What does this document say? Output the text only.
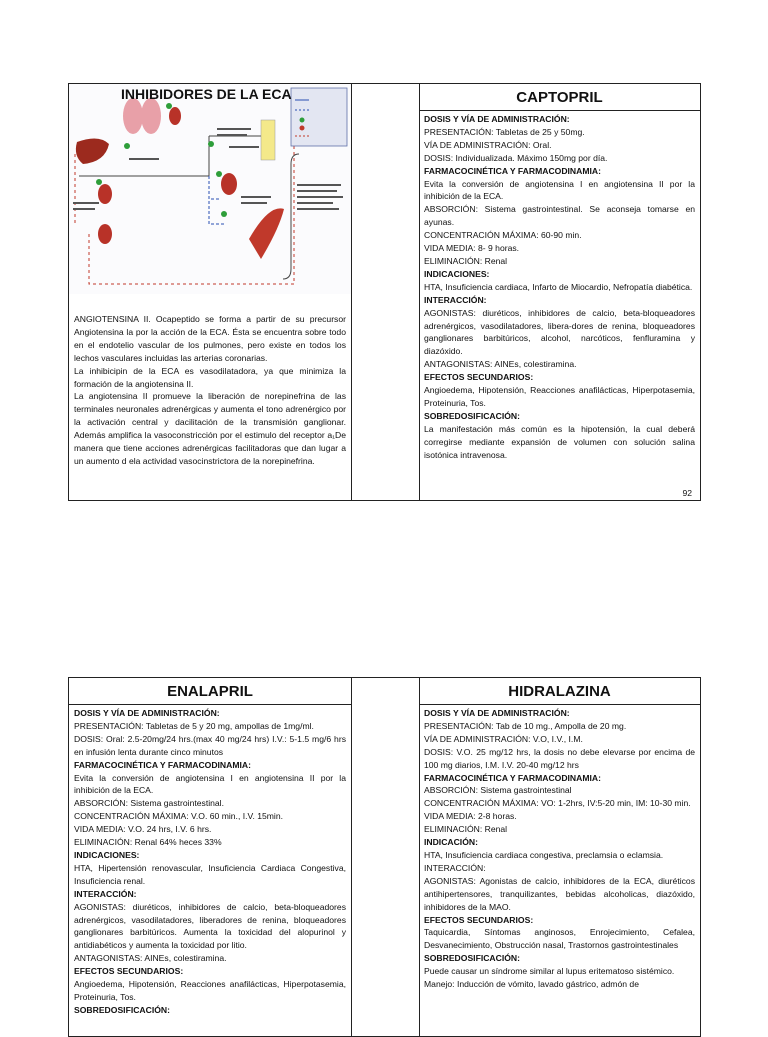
INHIBIDORES DE LA ECA

ANGIOTENSINA II. Ocapeptido se forma a partir de su precursor Angiotensina la por la acción de la ECA. Ésta se encuentra sobre todo en el endotelio vascular de los pulmones, pero existe en todos los lechos vasculares incluidas las arterias coronarias.

La inhibicipin de la ECA es vasodilatadora, ya que minimiza la formación de la angiotensina II.

La angiotensina II promueve la liberación de norepinefrina de las terminales neuronales adrenérgicas y aumenta el tono adrenérgico por la activación central y dacilitación de la transmisión ganglionar. Además amplifica la vasoconstricción por el estimulo del receptor a₁De manera que tiene acciones adrenérgicas facilitadoras que dan lugar a un aumento d ela actividad vasocinstrictora de la norepinefrina.

CAPTOPRIL

DOSIS Y VÍA DE ADMINISTRACIÓN:

PRESENTACIÓN: Tabletas de 25 y 50mg.

VÍA DE ADMINISTRACIÓN: Oral.

DOSIS: Individualizada. Máximo 150mg por día.

FARMACOCINÉTICA Y FARMACODINAMIA:

Evita la conversión de angiotensina I en angiotensina II por la inhibición de la ECA.

ABSORCIÓN: Sistema gastrointestinal. Se aconseja tomarse en ayunas.

CONCENTRACIÓN MÁXIMA: 60-90 min.

VIDA MEDIA: 8- 9 horas.

ELIMINACIÓN: Renal

INDICACIONES:

HTA, Insuficiencia cardiaca, Infarto de Miocardio, Nefropatía diabética.

INTERACCIÓN:

AGONISTAS: diuréticos, inhibidores de calcio, beta-bloqueadores adrenérgicos, vasodilatadores, libera-dores de renina, bloqueadores ganglionares barbitúricos, alcohol, narcóticos, fenfluramina y diazóxido.

ANTAGONISTAS: AINEs, colestiramina.

EFECTOS SECUNDARIOS:

Angioedema, Hipotensión, Reacciones anafilácticas, Hiperpotasemia, Proteinuria, Tos.

SOBREDOSIFICACIÓN:

La manifestación más común es la hipotensión, la cual deberá corregirse mediante expansión de volumen con solución salina isotónica intravenosa.

92
ENALAPRIL

DOSIS Y VÍA DE ADMINISTRACIÓN:

PRESENTACIÓN: Tabletas de 5 y 20 mg, ampollas de 1mg/ml.

DOSIS: Oral: 2.5-20mg/24 hrs.(max 40 mg/24 hrs) I.V.: 5-1.5 mg/6 hrs en infusión lenta durante cinco minutos

FARMACOCINÉTICA Y FARMACODINAMIA:

Evita la conversión de angiotensina I en angiotensina II por la inhibición de la ECA.

ABSORCIÓN: Sistema gastrointestinal.

CONCENTRACIÓN MÁXIMA: V.O. 60 min., I.V. 15min.

VIDA MEDIA: V.O. 24 hrs, I.V. 6 hrs.

ELIMINACIÓN: Renal 64% heces 33%

INDICACIONES:

HTA, Hipertensión renovascular, Insuficiencia Cardiaca Congestiva, Insuficiencia renal.

INTERACCIÓN:

AGONISTAS: diuréticos, inhibidores de calcio, beta-bloqueadores adrenérgicos, vasodilatadores, liberadores de renina, bloqueadores ganglionares barbitúricos. Aumenta la toxicidad del alopurinol y antidiabéticos y aumenta la toxicidad por litio.

ANTAGONISTAS: AINEs, colestiramina.

EFECTOS SECUNDARIOS:

Angioedema, Hipotensión, Reacciones anafilácticas, Hiperpotasemia, Proteinuria, Tos.

SOBREDOSIFICACIÓN:

HIDRALAZINA

DOSIS Y VÍA DE ADMINISTRACIÓN:

PRESENTACIÓN: Tab de 10 mg., Ampolla de 20 mg.

VÍA DE ADMINISTRACIÓN: V.O, I.V., I.M.

DOSIS: V.O. 25 mg/12 hrs, la dosis no debe elevarse por encima de 100 mg diarios, I.M. I.V. 20-40 mg/12 hrs

FARMACOCINÉTICA Y FARMACODINAMIA:

ABSORCIÓN: Sistema gastrointestinal

CONCENTRACIÓN MÁXIMA: VO: 1-2hrs, IV:5-20 min, IM: 10-30 min.

VIDA MEDIA: 2-8 horas.

ELIMINACIÓN: Renal

INDICACIÓN:

HTA, Insuficiencia cardiaca congestiva, preclamsia o eclamsia.

INTERACCIÓN:

AGONISTAS: Agonistas de calcio, inhibidores de la ECA, diuréticos antihipertensores, tranquilizantes, bebidas alcoholicas, diazóxido, inhibidores de la MAO.

EFECTOS SECUNDARIOS:

Taquicardia, Síntomas anginosos, Enrojecimiento, Cefalea, Desvanecimiento, Obstrucción nasal, Trastornos gastrointestinales

SOBREDOSIFICACIÓN:

Puede causar un síndrome similar al lupus eritematoso sistémico.

Manejo: Inducción de vómito, lavado gástrico, admón de
